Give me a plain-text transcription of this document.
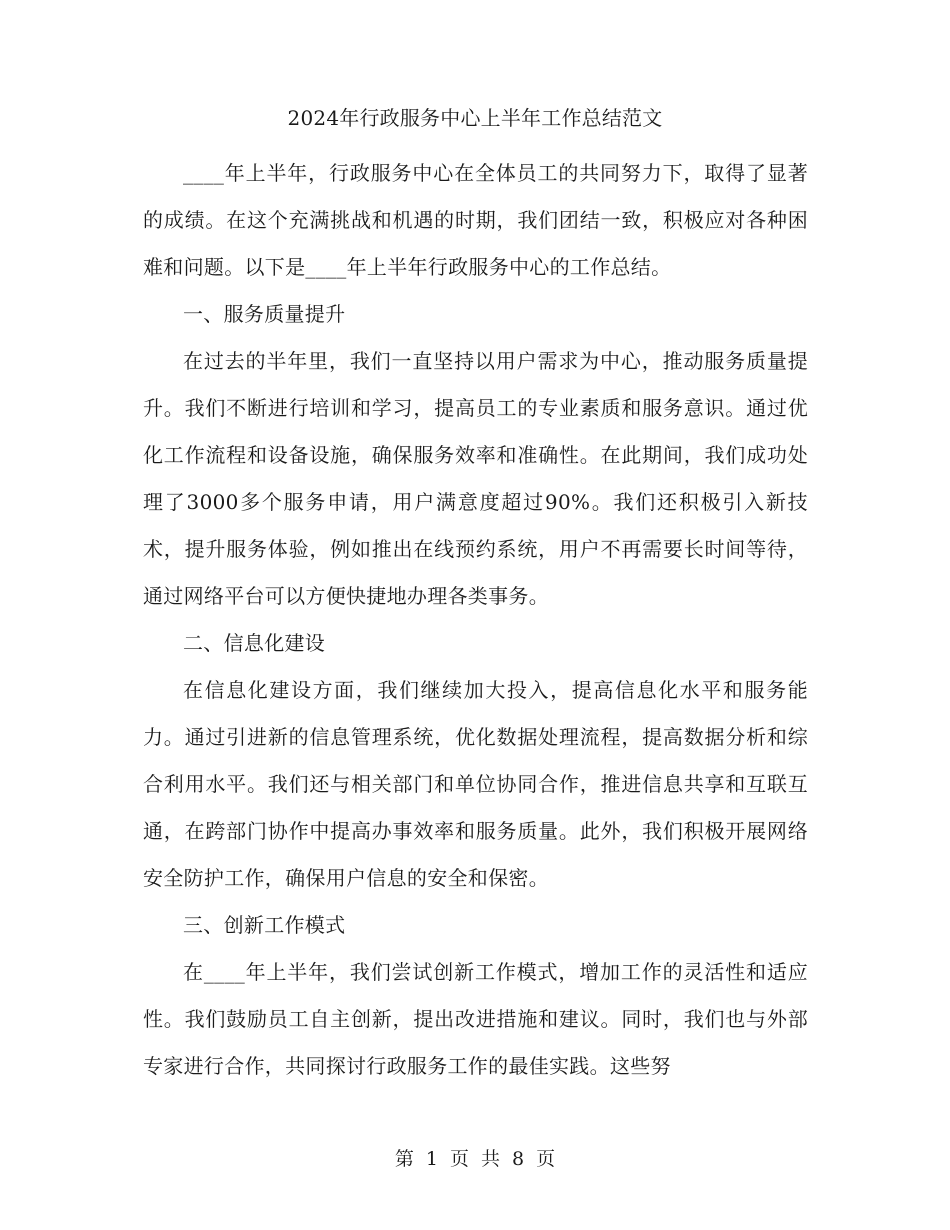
2024年行政服务中心上半年工作总结范文

____年上半年，行政服务中心在全体员工的共同努力下，取得了显著的成绩。在这个充满挑战和机遇的时期，我们团结一致，积极应对各种困难和问题。以下是____年上半年行政服务中心的工作总结。

一、服务质量提升

在过去的半年里，我们一直坚持以用户需求为中心，推动服务质量提升。我们不断进行培训和学习，提高员工的专业素质和服务意识。通过优化工作流程和设备设施，确保服务效率和准确性。在此期间，我们成功处理了3000多个服务申请，用户满意度超过90%。我们还积极引入新技术，提升服务体验，例如推出在线预约系统，用户不再需要长时间等待，通过网络平台可以方便快捷地办理各类事务。

二、信息化建设

在信息化建设方面，我们继续加大投入，提高信息化水平和服务能力。通过引进新的信息管理系统，优化数据处理流程，提高数据分析和综合利用水平。我们还与相关部门和单位协同合作，推进信息共享和互联互通，在跨部门协作中提高办事效率和服务质量。此外，我们积极开展网络安全防护工作，确保用户信息的安全和保密。

三、创新工作模式

在____年上半年，我们尝试创新工作模式，增加工作的灵活性和适应性。我们鼓励员工自主创新，提出改进措施和建议。同时，我们也与外部专家进行合作，共同探讨行政服务工作的最佳实践。这些努

第 1 页 共 8 页
